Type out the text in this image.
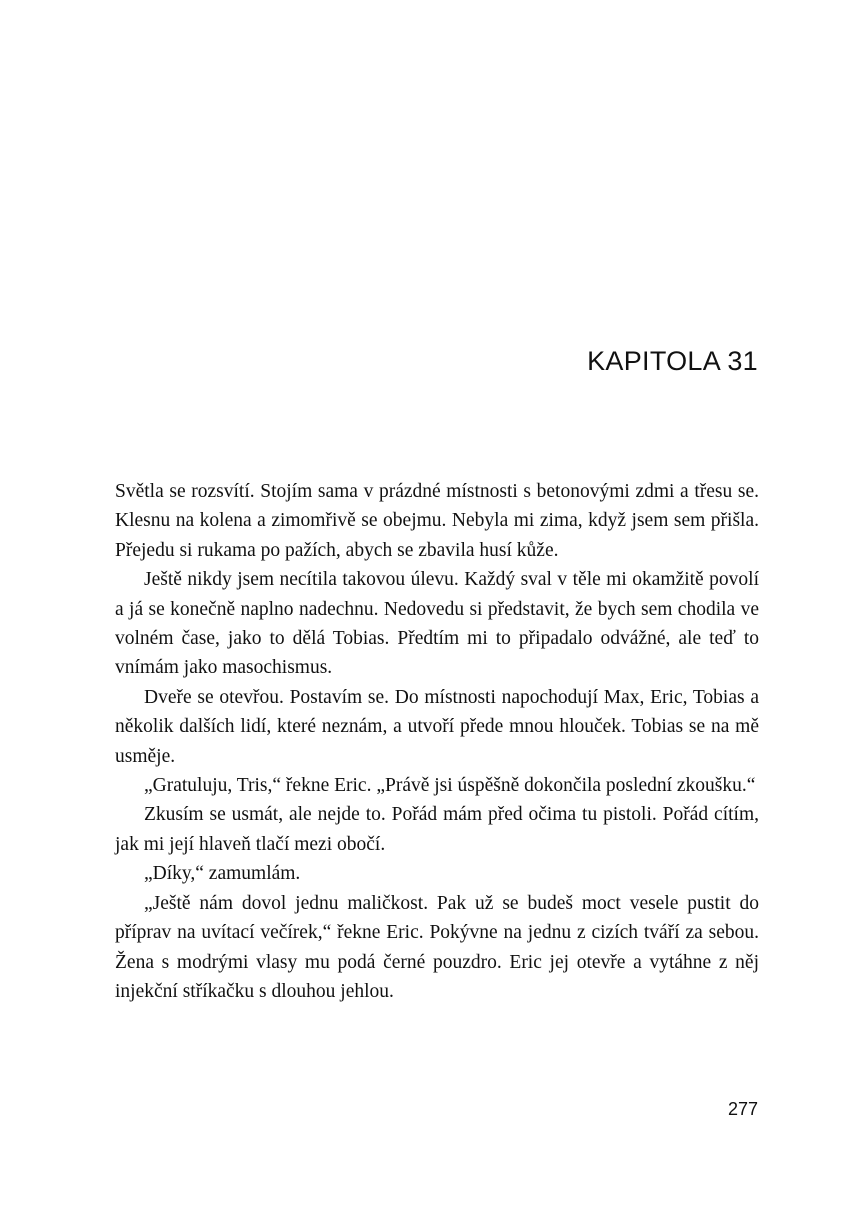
KAPITOLA 31

Světla se rozsvítí. Stojím sama v prázdné místnosti s betonovými zdmi a třesu se. Klesnu na kolena a zimomřivě se obejmu. Nebyla mi zima, když jsem sem přišla. Přejedu si rukama po pažích, abych se zbavila husí kůže.

Ještě nikdy jsem necítila takovou úlevu. Každý sval v těle mi okamžitě povolí a já se konečně naplno nadechnu. Nedovedu si představit, že bych sem chodila ve volném čase, jako to dělá Tobias. Předtím mi to připadalo odvážné, ale teď to vnímám jako masochismus.

Dveře se otevřou. Postavím se. Do místnosti napochodují Max, Eric, Tobias a několik dalších lidí, které neznám, a utvoří přede mnou hlouček. Tobias se na mě usměje.

„Gratuluju, Tris,“ řekne Eric. „Právě jsi úspěšně dokončila poslední zkoušku.“

Zkusím se usmát, ale nejde to. Pořád mám před očima tu pistoli. Pořád cítím, jak mi její hlaveň tlačí mezi obočí.

„Díky,“ zamumlám.

„Ještě nám dovol jednu maličkost. Pak už se budeš moct vesele pustit do příprav na uvítací večírek,“ řekne Eric. Pokývne na jednu z cizích tváří za sebou. Žena s modrými vlasy mu podá černé pouzdro. Eric jej otevře a vytáhne z něj injekční stříkačku s dlouhou jehlou.

277
